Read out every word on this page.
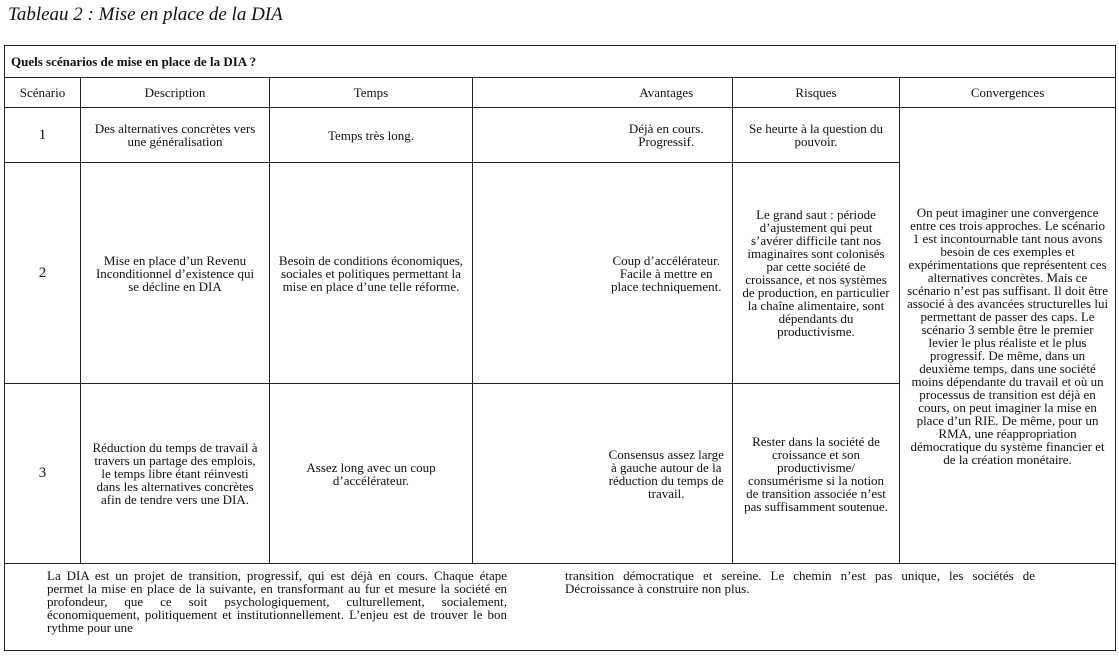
Tableau 2 : Mise en place de la DIA
Quels scénarios de mise en place de la DIA ?						
Scénario	Description	Temps		Avantages	Risques	Convergences
1	Des alternatives concrètes vers une généralisation	Temps très long.		Déjà en cours. Progressif.	Se heurte à la question du pouvoir.	On peut imaginer une convergence entre ces trois approches. Le scénario 1 est incontournable tant nous avons besoin de ces exemples et expérimentations que représentent ces alternatives concrètes. Mais ce scénario n’est pas suffisant. Il doit être associé à des avancées structurelles lui permettant de passer des caps. Le scénario 3 semble être le premier levier le plus réaliste et le plus progressif. De même, dans un deuxième temps, dans une société moins dépendante du travail et où un processus de transition est déjà en cours, on peut imaginer la mise en place d’un RIE. De même, pour un RMA, une réappropriation démocratique du système financier et de la création monétaire.
2	Mise en place d’un Revenu Inconditionnel d’existence qui se décline en DIA	Besoin de conditions économiques, sociales et politiques permettant la mise en place d’une telle réforme.		Coup d’accélérateur. Facile à mettre en place techniquement.	Le grand saut : période d’ajustement qui peut s’avérer difficile tant nos imaginaires sont colonisés par cette société de croissance, et nos systèmes de production, en particulier la chaîne alimentaire, sont dépendants du productivisme.	
3	Réduction du temps de travail à travers un partage des emplois, le temps libre étant réinvesti dans les alternatives concrètes afin de tendre vers une DIA.	Assez long avec un coup d’accélérateur.		Consensus assez large à gauche autour de la réduction du temps de travail.	Rester dans la société de croissance et son productivisme/ consumérisme si la notion de transition associée n’est pas suffisamment soutenue.	

La DIA est un projet de transition, progressif, qui est déjà en cours. Chaque étape permet la mise en place de la suivante, en transformant au fur et mesure la société en profondeur, que ce soit psychologiquement, culturellement, socialement, économiquement, politiquement et institutionnellement. L’enjeu est de trouver le bon rythme pour une
transition démocratique et sereine. Le chemin n’est pas unique, les sociétés de Décroissance à construire non plus.						
